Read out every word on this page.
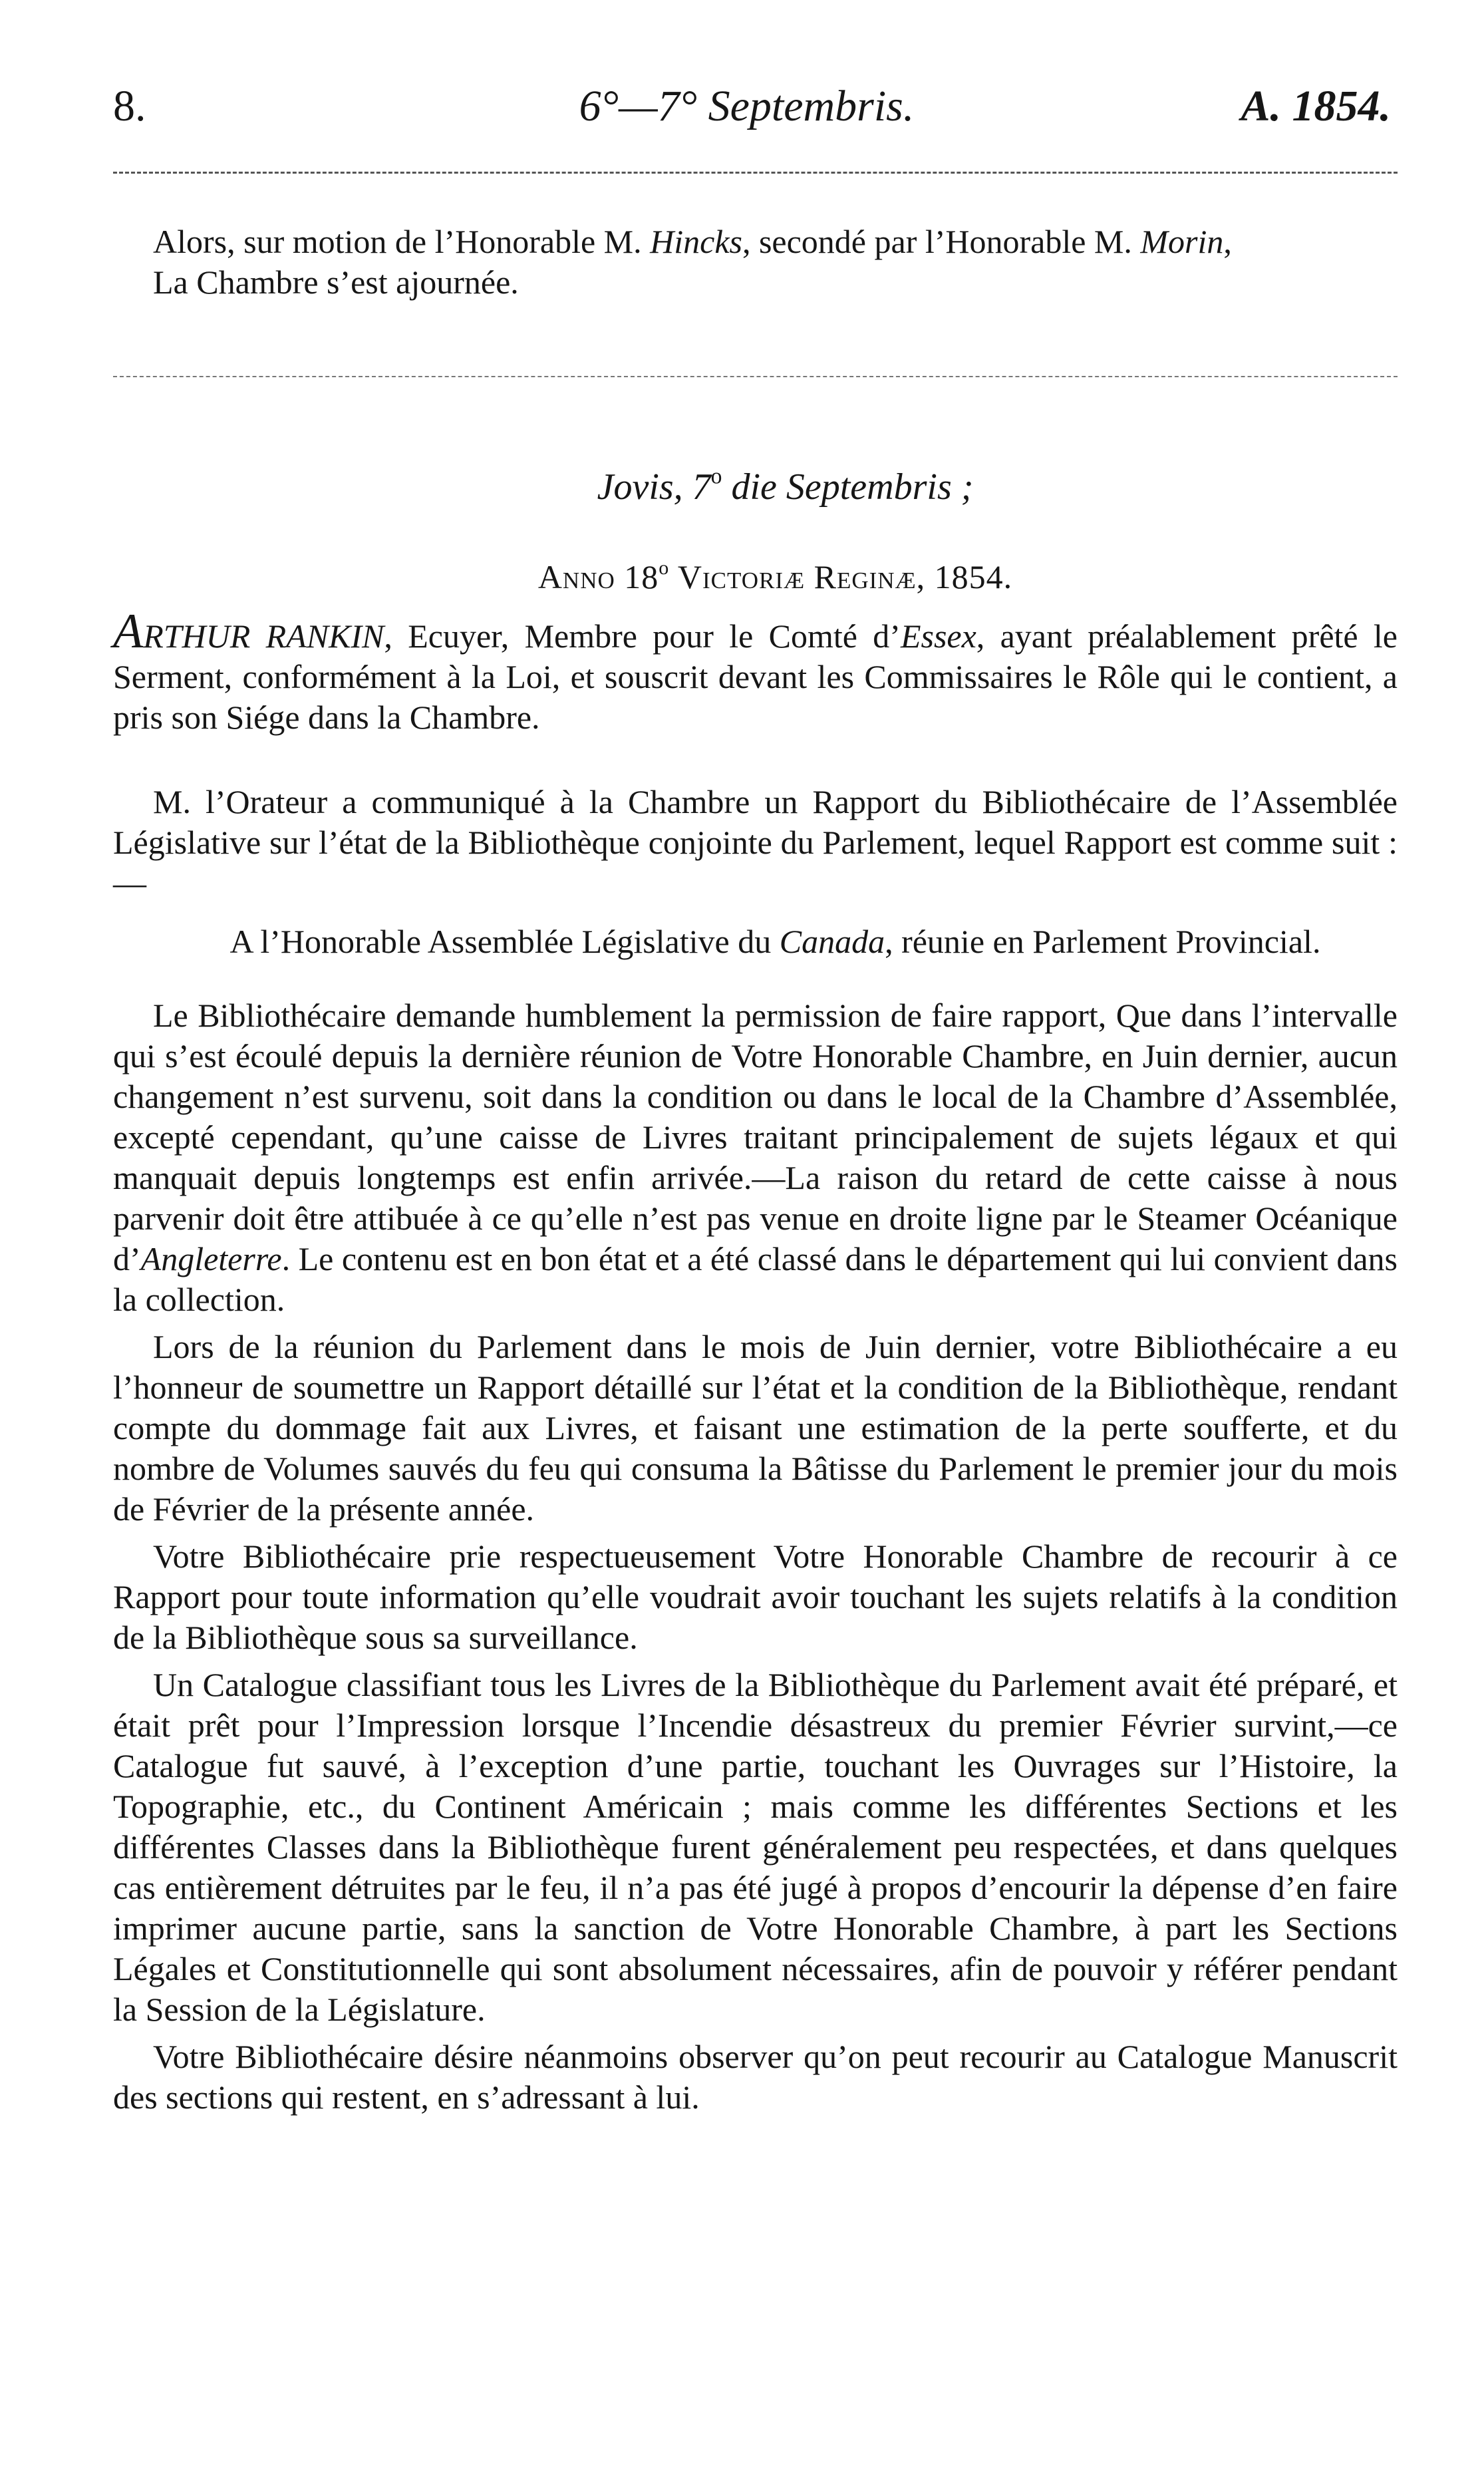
8.	6°—7° Septembris.	A. 1854.

Alors, sur motion de l’Honorable M. Hincks, secondé par l’Honorable M. Morin,

La Chambre s’est ajournée.

Jovis, 7$^o$ die Septembris ;
Anno 18$^o$ Victoriæ Reginæ, 1854.

ARTHUR RANKIN, Ecuyer, Membre pour le Comté d’Essex, ayant préalablement prêté le Serment, conformément à la Loi, et souscrit devant les Commissaires le Rôle qui le contient, a pris son Siége dans la Chambre.

M. l’Orateur a communiqué à la Chambre un Rapport du Bibliothécaire de l’Assemblée Législative sur l’état de la Bibliothèque conjointe du Parlement, lequel Rapport est comme suit :—

A l’Honorable Assemblée Législative du Canada, réunie en Parlement Provincial.

Le Bibliothécaire demande humblement la permission de faire rapport, Que dans l’intervalle qui s’est écoulé depuis la dernière réunion de Votre Honorable Chambre, en Juin dernier, aucun changement n’est survenu, soit dans la condition ou dans le local de la Chambre d’Assemblée, excepté cependant, qu’une caisse de Livres traitant principalement de sujets légaux et qui manquait depuis longtemps est enfin arrivée.—La raison du retard de cette caisse à nous parvenir doit être attibuée à ce qu’elle n’est pas venue en droite ligne par le Steamer Océanique d’Angleterre. Le contenu est en bon état et a été classé dans le département qui lui convient dans la collection.

Lors de la réunion du Parlement dans le mois de Juin dernier, votre Bibliothécaire a eu l’honneur de soumettre un Rapport détaillé sur l’état et la condition de la Bibliothèque, rendant compte du dommage fait aux Livres, et faisant une estimation de la perte soufferte, et du nombre de Volumes sauvés du feu qui consuma la Bâtisse du Parlement le premier jour du mois de Février de la présente année.

Votre Bibliothécaire prie respectueusement Votre Honorable Chambre de recourir à ce Rapport pour toute information qu’elle voudrait avoir touchant les sujets relatifs à la condition de la Bibliothèque sous sa surveillance.

Un Catalogue classifiant tous les Livres de la Bibliothèque du Parlement avait été préparé, et était prêt pour l’Impression lorsque l’Incendie désastreux du premier Février survint,—ce Catalogue fut sauvé, à l’exception d’une partie, touchant les Ouvrages sur l’Histoire, la Topographie, etc., du Continent Américain ; mais comme les différentes Sections et les différentes Classes dans la Bibliothèque furent généralement peu respectées, et dans quelques cas entièrement détruites par le feu, il n’a pas été jugé à propos d’encourir la dépense d’en faire imprimer aucune partie, sans la sanction de Votre Honorable Chambre, à part les Sections Légales et Constitutionnelle qui sont absolument nécessaires, afin de pouvoir y référer pendant la Session de la Législature.

Votre Bibliothécaire désire néanmoins observer qu’on peut recourir au Catalogue Manuscrit des sections qui restent, en s’adressant à lui.
